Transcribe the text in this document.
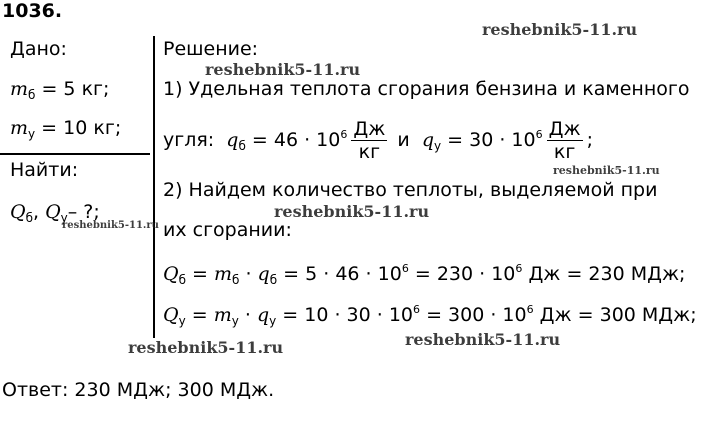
1036.
Дано:
$m_б = 5$ кг;
$m_у = 10$ кг;
Найти:
$Q_б$, $Q_у-$ ?;
Решение:
1) Удельная теплота сгорания бензина и каменного
угля: $q_б = 46 \cdot 10^6 \frac{Дж}{кг}$ и $q_у = 30 \cdot 10^6 \frac{Дж}{кг}$ ;
2) Найдем количество теплоты, выделяемой при
их сгорании:
$Q_б = m_б \cdot q_б = 5 \cdot 46 \cdot 10^6 = 230 \cdot 10^6$ Дж = 230 МДж;
$Q_у = m_у \cdot q_у = 10 \cdot 30 \cdot 10^6 = 300 \cdot 10^6$ Дж = 300 МДж;
Ответ: 230 МДж; 300 МДж.
reshebnik5-11.ru
reshebnik5-11.ru
reshebnik5-11.ru
reshebnik5-11.ru
reshebnik5-11.ru
reshebnik5-11.ru
reshebnik5-11.ru
